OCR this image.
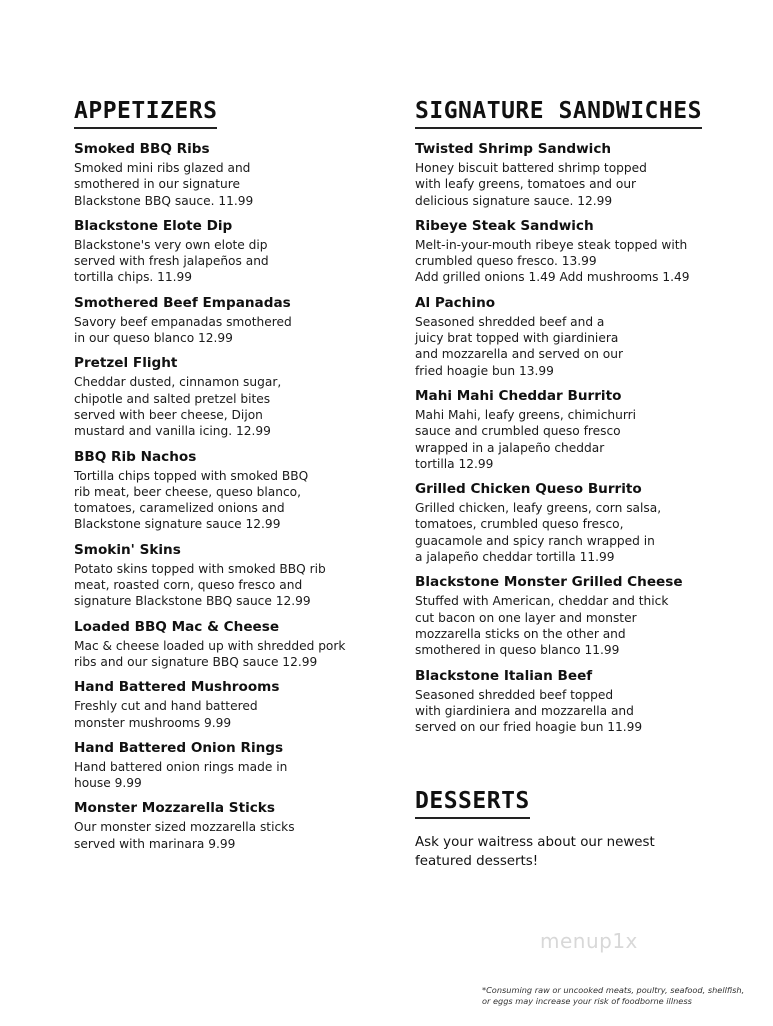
APPETIZERS
Smoked BBQ Ribs
Smoked mini ribs glazed and
smothered in our signature
Blackstone BBQ sauce. 11.99
Blackstone Elote Dip
Blackstone's very own elote dip
served with fresh jalapeños and
tortilla chips. 11.99
Smothered Beef Empanadas
Savory beef empanadas smothered
in our queso blanco 12.99
Pretzel Flight
Cheddar dusted, cinnamon sugar,
chipotle and salted pretzel bites
served with beer cheese, Dijon
mustard and vanilla icing. 12.99
BBQ Rib Nachos
Tortilla chips topped with smoked BBQ
rib meat, beer cheese, queso blanco,
tomatoes, caramelized onions and
Blackstone signature sauce 12.99
Smokin' Skins
Potato skins topped with smoked BBQ rib
meat, roasted corn, queso fresco and
signature Blackstone BBQ sauce 12.99
Loaded BBQ Mac & Cheese
Mac & cheese loaded up with shredded pork
ribs and our signature BBQ sauce 12.99
Hand Battered Mushrooms
Freshly cut and hand battered
monster mushrooms 9.99
Hand Battered Onion Rings
Hand battered onion rings made in
house 9.99
Monster Mozzarella Sticks
Our monster sized mozzarella sticks
served with marinara 9.99
SIGNATURE SANDWICHES
Twisted Shrimp Sandwich
Honey biscuit battered shrimp topped
with leafy greens, tomatoes and our
delicious signature sauce. 12.99
Ribeye Steak Sandwich
Melt-in-your-mouth ribeye steak topped with
crumbled queso fresco. 13.99
Add grilled onions 1.49 Add mushrooms 1.49
Al Pachino
Seasoned shredded beef and a
juicy brat topped with giardiniera
and mozzarella and served on our
fried hoagie bun 13.99
Mahi Mahi Cheddar Burrito
Mahi Mahi, leafy greens, chimichurri
sauce and crumbled queso fresco
wrapped in a jalapeño cheddar
tortilla 12.99
Grilled Chicken Queso Burrito
Grilled chicken, leafy greens, corn salsa,
tomatoes, crumbled queso fresco,
guacamole and spicy ranch wrapped in
a jalapeño cheddar tortilla 11.99
Blackstone Monster Grilled Cheese
Stuffed with American, cheddar and thick
cut bacon on one layer and monster
mozzarella sticks on the other and
smothered in queso blanco 11.99
Blackstone Italian Beef
Seasoned shredded beef topped
with giardiniera and mozzarella and
served on our fried hoagie bun 11.99
DESSERTS
Ask your waitress about our newest
featured desserts!
menup1x
*Consuming raw or uncooked meats, poultry, seafood, shellfish,
or eggs may increase your risk of foodborne illness
